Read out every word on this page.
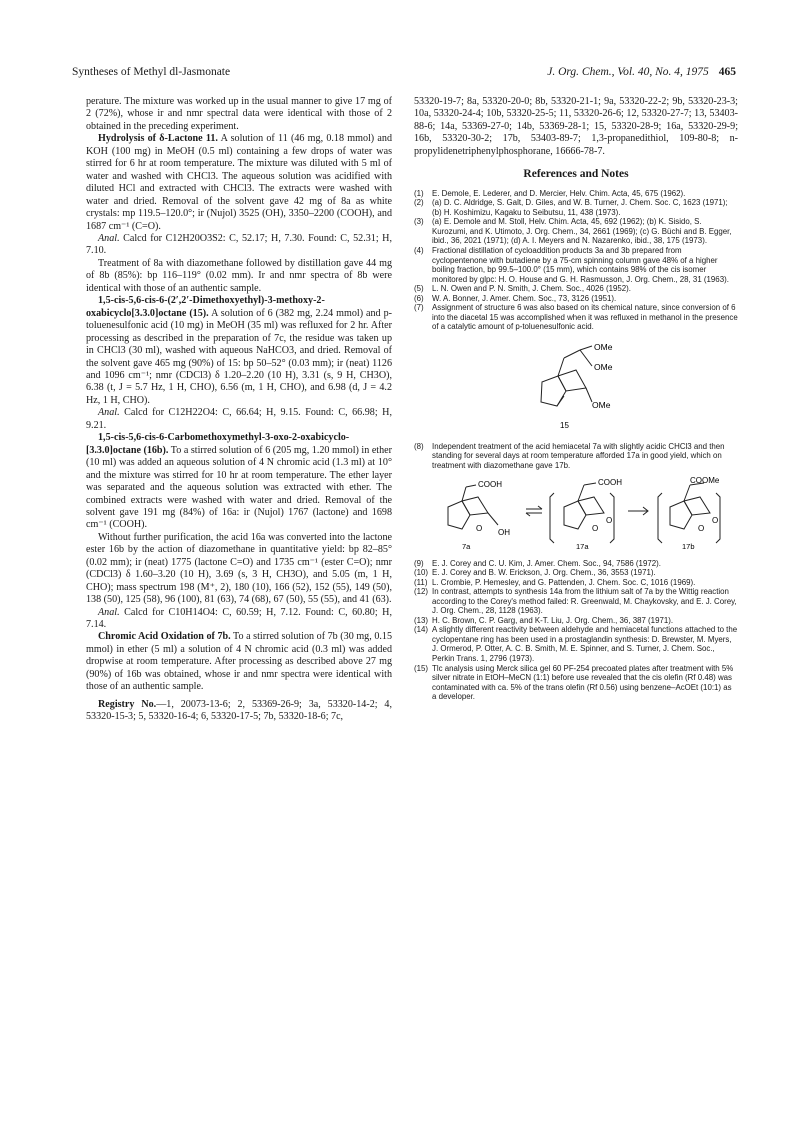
Syntheses of Methyl dl-Jasmonate	J. Org. Chem., Vol. 40, No. 4, 1975 465

perature. The mixture was worked up in the usual manner to give 17 mg of 2 (72%), whose ir and nmr spectral data were identical with those of 2 obtained in the preceding experiment.

Hydrolysis of δ-Lactone 11. A solution of 11 (46 mg, 0.18 mmol) and KOH (100 mg) in MeOH (0.5 ml) containing a few drops of water was stirred for 6 hr at room temperature. The mixture was diluted with 5 ml of water and washed with CHCl3. The aqueous solution was acidified with diluted HCl and extracted with CHCl3. The extracts were washed with water and dried. Removal of the solvent gave 42 mg of 8a as white crystals: mp 119.5–120.0°; ir (Nujol) 3525 (OH), 3350–2200 (COOH), and 1687 cm⁻¹ (C=O).

Anal. Calcd for C12H20O3S2: C, 52.17; H, 7.30. Found: C, 52.31; H, 7.10.

Treatment of 8a with diazomethane followed by distillation gave 44 mg of 8b (85%): bp 116–119° (0.02 mm). Ir and nmr spectra of 8b were identical with those of an authentic sample.

1,5-cis-5,6-cis-6-(2′,2′-Dimethoxyethyl)-3-methoxy-2-oxabicyclo[3.3.0]octane (15). A solution of 6 (382 mg, 2.24 mmol) and p-toluenesulfonic acid (10 mg) in MeOH (35 ml) was refluxed for 2 hr. After processing as described in the preparation of 7c, the residue was taken up in CHCl3 (30 ml), washed with aqueous NaHCO3, and dried. Removal of the solvent gave 465 mg (90%) of 15: bp 50–52° (0.03 mm); ir (neat) 1126 and 1096 cm⁻¹; nmr (CDCl3) δ 1.20–2.20 (10 H), 3.31 (s, 9 H, CH3O), 6.38 (t, J = 5.7 Hz, 1 H, CHO), 6.56 (m, 1 H, CHO), and 6.98 (d, J = 4.2 Hz, 1 H, CHO).

Anal. Calcd for C12H22O4: C, 66.64; H, 9.15. Found: C, 66.98; H, 9.21.

1,5-cis-5,6-cis-6-Carbomethoxymethyl-3-oxo-2-oxabicyclo-[3.3.0]octane (16b). To a stirred solution of 6 (205 mg, 1.20 mmol) in ether (10 ml) was added an aqueous solution of 4 N chromic acid (1.3 ml) at 10° and the mixture was stirred for 10 hr at room temperature. The ether layer was separated and the aqueous solution was extracted with ether. The combined extracts were washed with water and dried. Removal of the solvent gave 191 mg (84%) of 16a: ir (Nujol) 1767 (lactone) and 1698 cm⁻¹ (COOH).

Without further purification, the acid 16a was converted into the lactone ester 16b by the action of diazomethane in quantitative yield: bp 82–85° (0.02 mm); ir (neat) 1775 (lactone C=O) and 1735 cm⁻¹ (ester C=O); nmr (CDCl3) δ 1.60–3.20 (10 H), 3.69 (s, 3 H, CH3O), and 5.05 (m, 1 H, CHO); mass spectrum 198 (M⁺, 2), 180 (10), 166 (52), 152 (55), 149 (50), 138 (50), 125 (58), 96 (100), 81 (63), 74 (68), 67 (50), 55 (55), and 41 (63).

Anal. Calcd for C10H14O4: C, 60.59; H, 7.12. Found: C, 60.80; H, 7.14.

Chromic Acid Oxidation of 7b. To a stirred solution of 7b (30 mg, 0.15 mmol) in ether (5 ml) a solution of 4 N chromic acid (0.3 ml) was added dropwise at room temperature. After processing as described above 27 mg (90%) of 16b was obtained, whose ir and nmr spectra were identical with those of an authentic sample.

Registry No.—1, 20073-13-6; 2, 53369-26-9; 3a, 53320-14-2; 4, 53320-15-3; 5, 53320-16-4; 6, 53320-17-5; 7b, 53320-18-6; 7c,

53320-19-7; 8a, 53320-20-0; 8b, 53320-21-1; 9a, 53320-22-2; 9b, 53320-23-3; 10a, 53320-24-4; 10b, 53320-25-5; 11, 53320-26-6; 12, 53320-27-7; 13, 53403-88-6; 14a, 53369-27-0; 14b, 53369-28-1; 15, 53320-28-9; 16a, 53320-29-9; 16b, 53320-30-2; 17b, 53403-89-7; 1,3-propanedithiol, 109-80-8; n-propylidenetriphenylphosphorane, 16666-78-7.

References and Notes
(1)	E. Demole, E. Lederer, and D. Mercier, Helv. Chim. Acta, 45, 675 (1962).
(2)	(a) D. C. Aldridge, S. Galt, D. Giles, and W. B. Turner, J. Chem. Soc. C, 1623 (1971); (b) H. Koshimizu, Kagaku to Seibutsu, 11, 438 (1973).
(3)	(a) E. Demole and M. Stoll, Helv. Chim. Acta, 45, 692 (1962); (b) K. Sisido, S. Kurozumi, and K. Utimoto, J. Org. Chem., 34, 2661 (1969); (c) G. Büchi and B. Egger, ibid., 36, 2021 (1971); (d) A. I. Meyers and N. Nazarenko, ibid., 38, 175 (1973).
(4)	Fractional distillation of cycloaddition products 3a and 3b prepared from cyclopentenone with butadiene by a 75-cm spinning column gave 48% of a higher boiling fraction, bp 99.5–100.0° (15 mm), which contains 98% of the cis isomer monitored by glpc: H. O. House and G. H. Rasmusson, J. Org. Chem., 28, 31 (1963).
(5)	L. N. Owen and P. N. Smith, J. Chem. Soc., 4026 (1952).
(6)	W. A. Bonner, J. Amer. Chem. Soc., 73, 3126 (1951).
(7)	Assignment of structure 6 was also based on its chemical nature, since conversion of 6 into the diacetal 15 was accomplished when it was refluxed in methanol in the presence of a catalytic amount of p-toluenesulfonic acid.
OMe
OMe
OMe
15
(8)	Independent treatment of the acid hemiacetal 7a with slightly acidic CHCl3 and then standing for several days at room temperature afforded 17a in good yield, which on treatment with diazomethane gave 17b.
COOH
OH
O
COOH
O
O
COOMe
O
O
7a	17a	17b
(9)	E. J. Corey and C. U. Kim, J. Amer. Chem. Soc., 94, 7586 (1972).
(10) E. J. Corey and B. W. Erickson, J. Org. Chem., 36, 3553 (1971).
(11) L. Crombie, P. Hemesley, and G. Pattenden, J. Chem. Soc. C, 1016 (1969).
(12) In contrast, attempts to synthesis 14a from the lithium salt of 7a by the Wittig reaction according to the Corey's method failed: R. Greenwald, M. Chaykovsky, and E. J. Corey, J. Org. Chem., 28, 1128 (1963).
(13) H. C. Brown, C. P. Garg, and K-T. Liu, J. Org. Chem., 36, 387 (1971).
(14) A slightly different reactivity between aldehyde and hemiacetal functions attached to the cyclopentane ring has been used in a prostaglandin synthesis: D. Brewster, M. Myers, J. Ormerod, P. Otter, A. C. B. Smith, M. E. Spinner, and S. Turner, J. Chem. Soc., Perkin Trans. 1, 2796 (1973).
(15) Tlc analysis using Merck silica gel 60 PF-254 precoated plates after treatment with 5% silver nitrate in EtOH–MeCN (1:1) before use revealed that the cis olefin (Rf 0.48) was contaminated with ca. 5% of the trans olefin (Rf 0.56) using benzene–AcOEt (10:1) as a developer.
